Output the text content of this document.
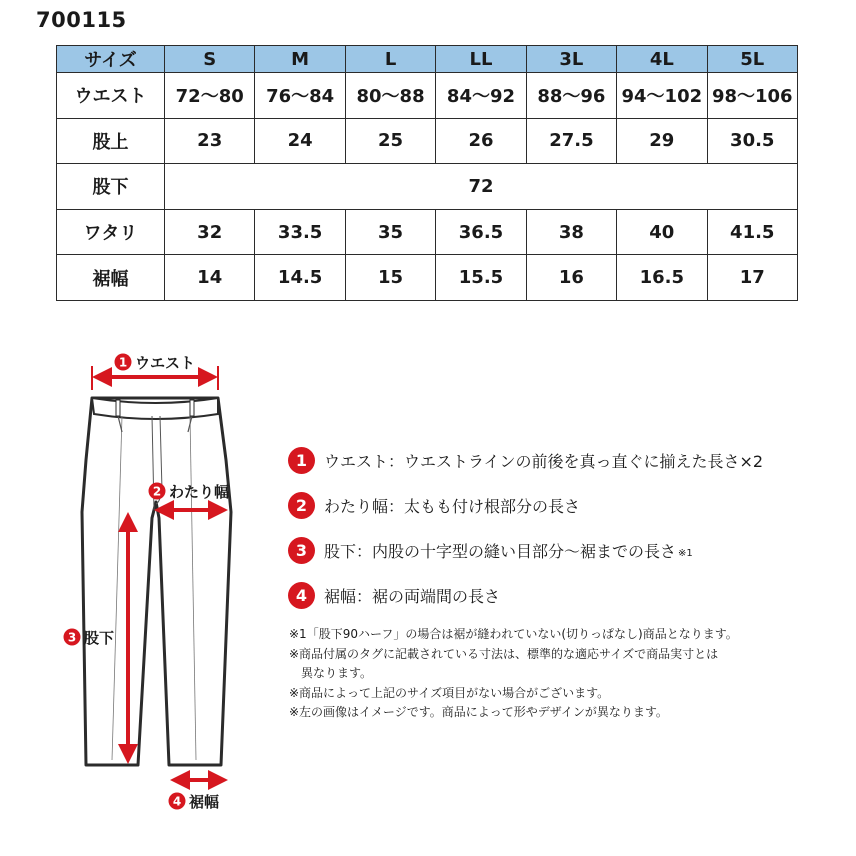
700115
サイズ	S	M	L	LL	3L	4L	5L
ウエスト	72〜80	76〜84	80〜88	84〜92	88〜96	94〜102	98〜106
股上	23	24	25	26	27.5	29	30.5
股下	72						
ワタリ	32	33.5	35	36.5	38	40	41.5
裾幅	14	14.5	15	15.5	16	16.5	17
1 ウエスト
2 わたり幅
3 股下
4 裾幅
1	ウエスト：ウエストラインの前後を真っ直ぐに揃えた長さ×2
2	わたり幅：太もも付け根部分の長さ
3	股下：内股の十字型の縫い目部分〜裾までの長さ ※1
4	裾幅：裾の両端間の長さ

※1「股下90ハーフ」の場合は裾が縫われていない(切りっぱなし)商品となります。

※商品付属のタグに記載されている寸法は、標準的な適応サイズで商品実寸とは

異なります。

※商品によって上記のサイズ項目がない場合がございます。

※左の画像はイメージです。商品によって形やデザインが異なります。
